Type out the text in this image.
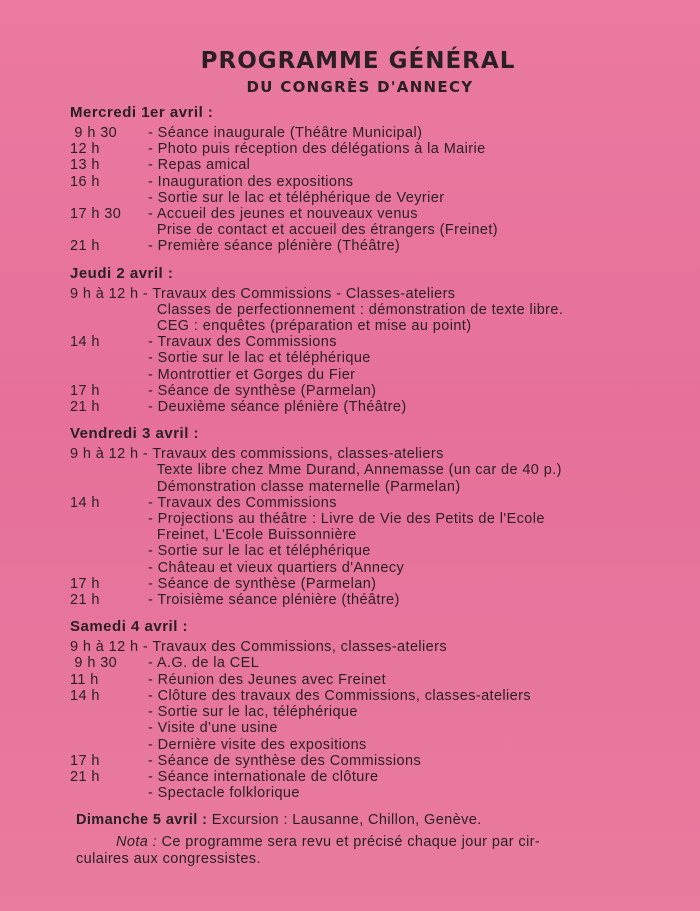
PROGRAMME GÉNÉRAL
DU CONGRÈS D'ANNECY
Mercredi 1er avril :
9 h 30	- Séance inaugurale (Théâtre Municipal)
12 h	- Photo puis réception des délégations à la Mairie
13 h	- Repas amical
16 h	- Inauguration des expositions
- Sortie sur le lac et téléphérique de Veyrier
17 h 30	- Accueil des jeunes et nouveaux venus
Prise de contact et accueil des étrangers (Freinet)
21 h	- Première séance plénière (Théâtre)
Jeudi 2 avril :
9 h à 12 h - Travaux des Commissions - Classes-ateliers
Classes de perfectionnement : démonstration de texte libre.
CEG : enquêtes (préparation et mise au point)
14 h	- Travaux des Commissions
- Sortie sur le lac et téléphérique
- Montrottier et Gorges du Fier
17 h	- Séance de synthèse (Parmelan)
21 h	- Deuxième séance plénière (Théâtre)
Vendredi 3 avril :
9 h à 12 h - Travaux des commissions, classes-ateliers
Texte libre chez Mme Durand, Annemasse (un car de 40 p.)
Démonstration classe maternelle (Parmelan)
14 h	- Travaux des Commissions
- Projections au théâtre : Livre de Vie des Petits de l'Ecole
Freinet, L'Ecole Buissonnière
- Sortie sur le lac et téléphérique
- Château et vieux quartiers d'Annecy
17 h	- Séance de synthèse (Parmelan)
21 h	- Troisième séance plénière (théâtre)
Samedi 4 avril :
9 h à 12 h - Travaux des Commissions, classes-ateliers
9 h 30	- A.G. de la CEL
11 h	- Réunion des Jeunes avec Freinet
14 h	- Clôture des travaux des Commissions, classes-ateliers
- Sortie sur le lac, téléphérique
- Visite d'une usine
- Dernière visite des expositions
17 h	- Séance de synthèse des Commissions
21 h	- Séance internationale de clôture
- Spectacle folklorique
Dimanche 5 avril : Excursion : Lausanne, Chillon, Genève.
Nota : Ce programme sera revu et précisé chaque jour par cir-
culaires aux congressistes.
